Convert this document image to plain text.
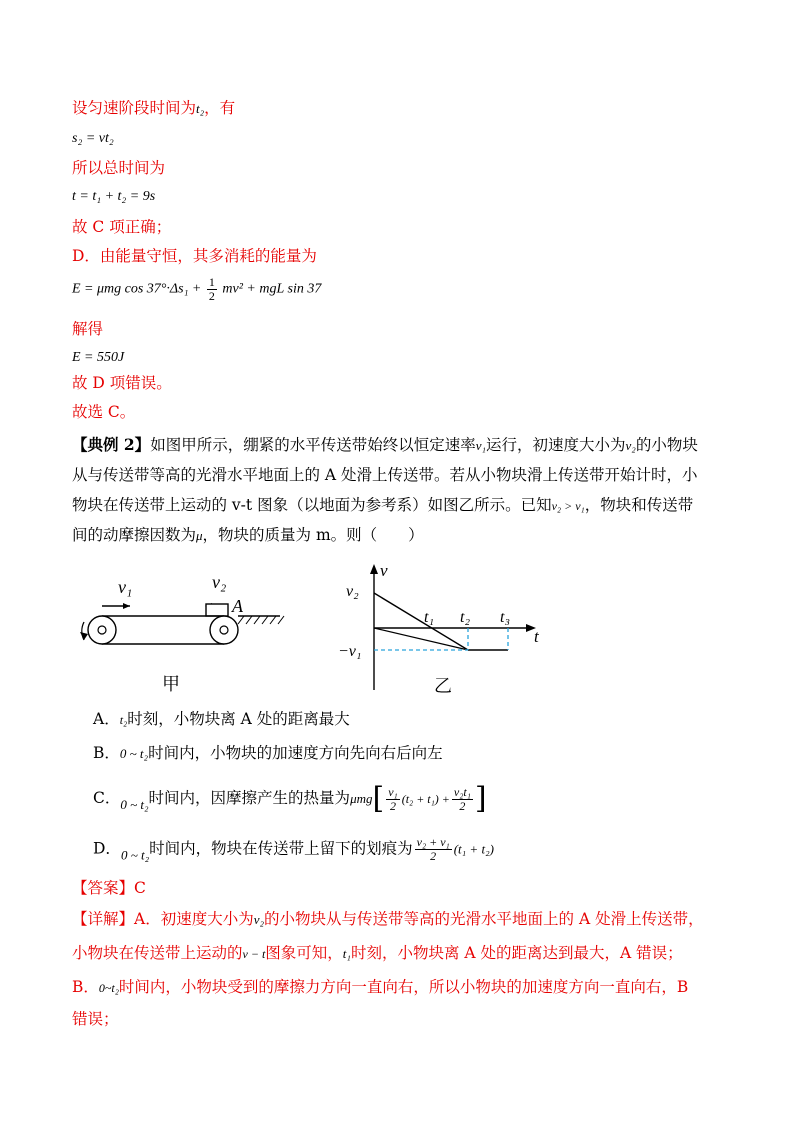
设匀速阶段时间为t₂，有
s₂ = vt₂
所以总时间为
t = t₁ + t₂ = 9s
故 C 项正确；
D．由能量守恒，其多消耗的能量为
E = μmg $\cos 37^\circ\cdot\Delta s_1 + \frac{1}{2} mv^2$ + mgL sin 37
解得
E = 550J
故 D 项错误。
故选 C。
【典例 2】如图甲所示，绷紧的水平传送带始终以恒定速率v₁运行，初速度大小为v₂的小物块
从与传送带等高的光滑水平地面上的 A 处滑上传送带。若从小物块滑上传送带开始计时，小
物块在传送带上运动的 v-t 图象（以地面为参考系）如图乙所示。已知v₂ > v₁，物块和传送带
间的动摩擦因数为μ，物块的质量为 m。则（　　）
v₁	v₂
A
甲
v
t
v₂
−v₁
t₁ t₂ t₃
乙
A．t₂时刻，小物块离 A 处的距离最大
B．0 ~ t₂时间内，小物块的加速度方向先向右后向左
C．$_{0 \sim t_2}$时间内，因摩擦产生的热量为$\mu mg[ \frac{\text{v₁}}{2} (t_2 + t_1) + \frac{\text{v₂t₁}}{2}$ ]
D．$_{0 \sim t_2}$时间内，物块在传送带上留下的划痕为 $\frac{\text{v₂ + v₁}}{2} (t_1 + t_2)$
【答案】C
【详解】A．初速度大小为v₂的小物块从与传送带等高的光滑水平地面上的 A 处滑上传送带，
小物块在传送带上运动的v − t图象可知，t₁时刻，小物块离 A 处的距离达到最大，A 错误；
B．0~t₂时间内，小物块受到的摩擦力方向一直向右，所以小物块的加速度方向一直向右，B
错误；
